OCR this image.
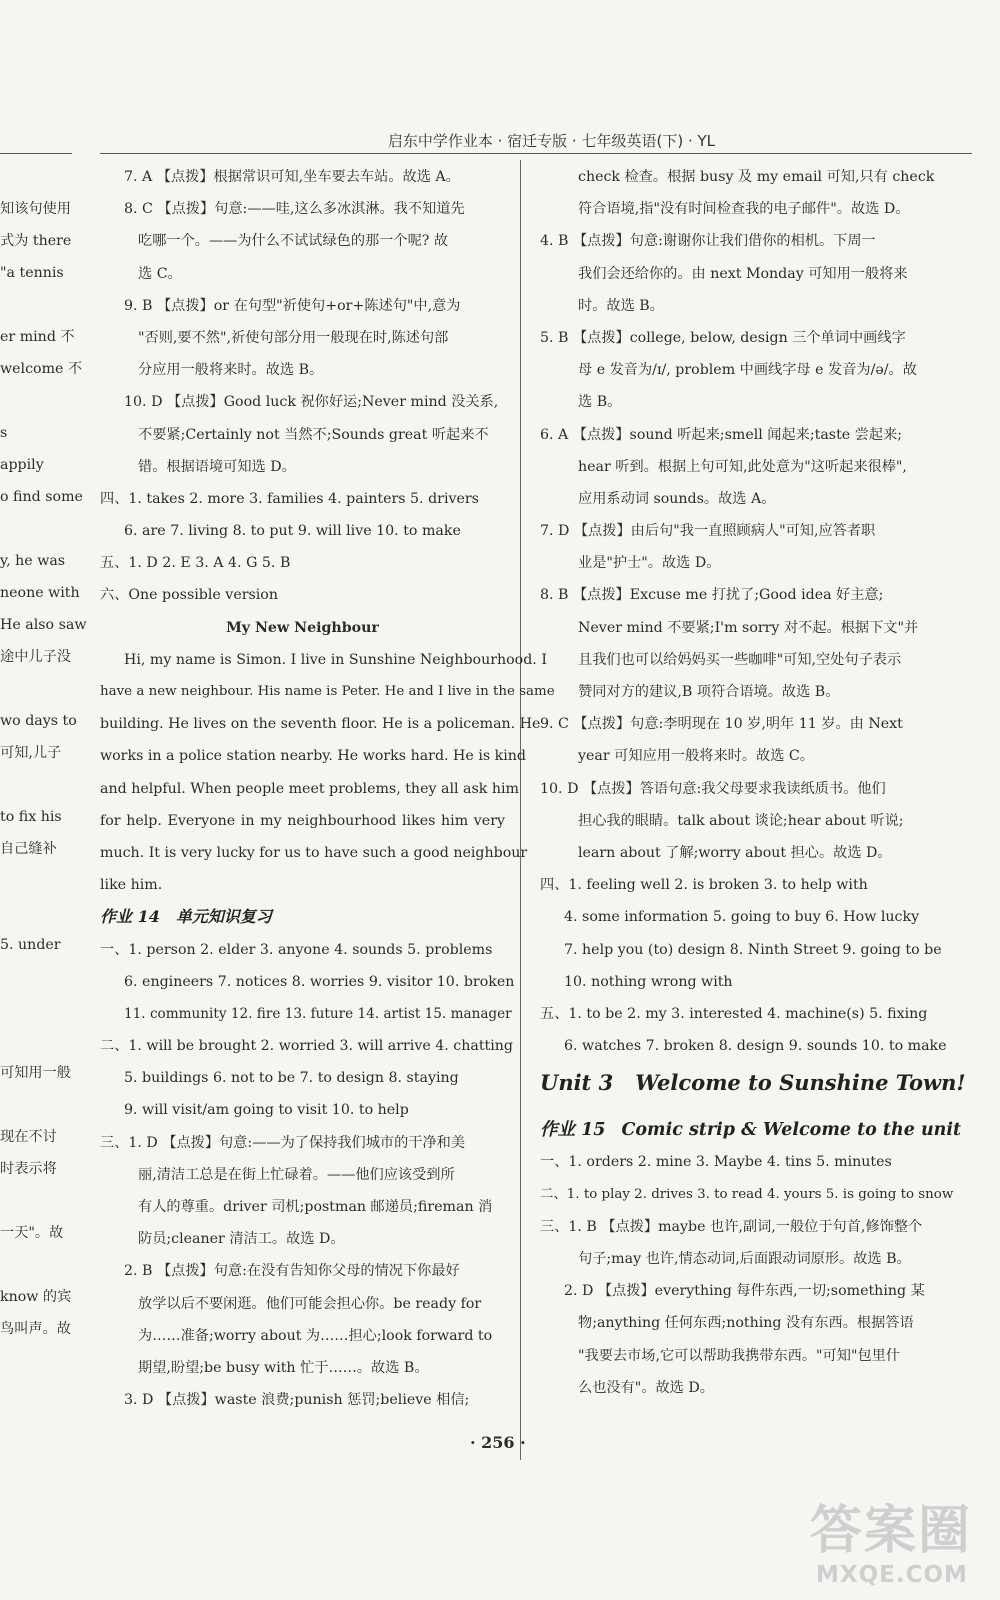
启东中学作业本 · 宿迁专版 · 七年级英语(下) · YL
知该句使用
式为 there
"a tennis
er mind 不
welcome 不
s
appily
o find some
y, he was
neone with
He also saw
途中儿子没
wo days to
可知,儿子
to fix his
自己缝补
5. under
可知用一般
现在不讨
时表示将
一天"。故
know 的宾
鸟叫声。故
7. A 【点拨】根据常识可知,坐车要去车站。故选 A。
8. C 【点拨】句意:——哇,这么多冰淇淋。我不知道先
吃哪一个。——为什么不试试绿色的那一个呢? 故
选 C。
9. B 【点拨】or 在句型"祈使句+or+陈述句"中,意为
"否则,要不然",祈使句部分用一般现在时,陈述句部
分应用一般将来时。故选 B。
10. D 【点拨】Good luck 祝你好运;Never mind 没关系,
不要紧;Certainly not 当然不;Sounds great 听起来不
错。根据语境可知选 D。
四、1. takes 2. more 3. families 4. painters 5. drivers
6. are 7. living 8. to put 9. will live 10. to make
五、1. D 2. E 3. A 4. G 5. B
六、One possible version
My New Neighbour
Hi, my name is Simon. I live in Sunshine Neighbourhood. I
have a new neighbour. His name is Peter. He and I live in the same
building. He lives on the seventh floor. He is a policeman. He
works in a police station nearby. He works hard. He is kind
and helpful. When people meet problems, they all ask him
for help. Everyone in my neighbourhood likes him very
much. It is very lucky for us to have such a good neighbour
like him.
作业 14 单元知识复习
一、1. person 2. elder 3. anyone 4. sounds 5. problems
6. engineers 7. notices 8. worries 9. visitor 10. broken
11. community 12. fire 13. future 14. artist 15. manager
二、1. will be brought 2. worried 3. will arrive 4. chatting
5. buildings 6. not to be 7. to design 8. staying
9. will visit/am going to visit 10. to help
三、1. D 【点拨】句意:——为了保持我们城市的干净和美
丽,清洁工总是在街上忙碌着。——他们应该受到所
有人的尊重。driver 司机;postman 邮递员;fireman 消
防员;cleaner 清洁工。故选 D。
2. B 【点拨】句意:在没有告知你父母的情况下你最好
放学以后不要闲逛。他们可能会担心你。be ready for
为……准备;worry about 为……担心;look forward to
期望,盼望;be busy with 忙于……。故选 B。
3. D 【点拨】waste 浪费;punish 惩罚;believe 相信;
check 检查。根据 busy 及 my email 可知,只有 check
符合语境,指"没有时间检查我的电子邮件"。故选 D。
4. B 【点拨】句意:谢谢你让我们借你的相机。下周一
我们会还给你的。由 next Monday 可知用一般将来
时。故选 B。
5. B 【点拨】college, below, design 三个单词中画线字
母 e 发音为/ɪ/, problem 中画线字母 e 发音为/ə/。故
选 B。
6. A 【点拨】sound 听起来;smell 闻起来;taste 尝起来;
hear 听到。根据上句可知,此处意为"这听起来很棒",
应用系动词 sounds。故选 A。
7. D 【点拨】由后句"我一直照顾病人"可知,应答者职
业是"护士"。故选 D。
8. B 【点拨】Excuse me 打扰了;Good idea 好主意;
Never mind 不要紧;I'm sorry 对不起。根据下文"并
且我们也可以给妈妈买一些咖啡"可知,空处句子表示
赞同对方的建议,B 项符合语境。故选 B。
9. C 【点拨】句意:李明现在 10 岁,明年 11 岁。由 Next
year 可知应用一般将来时。故选 C。
10. D 【点拨】答语句意:我父母要求我读纸质书。他们
担心我的眼睛。talk about 谈论;hear about 听说;
learn about 了解;worry about 担心。故选 D。
四、1. feeling well 2. is broken 3. to help with
4. some information 5. going to buy 6. How lucky
7. help you (to) design 8. Ninth Street 9. going to be
10. nothing wrong with
五、1. to be 2. my 3. interested 4. machine(s) 5. fixing
6. watches 7. broken 8. design 9. sounds 10. to make
Unit 3 Welcome to Sunshine Town!
作业 15 Comic strip & Welcome to the unit
一、1. orders 2. mine 3. Maybe 4. tins 5. minutes
二、1. to play 2. drives 3. to read 4. yours 5. is going to snow
三、1. B 【点拨】maybe 也许,副词,一般位于句首,修饰整个
句子;may 也许,情态动词,后面跟动词原形。故选 B。
2. D 【点拨】everything 每件东西,一切;something 某
物;anything 任何东西;nothing 没有东西。根据答语
"我要去市场,它可以帮助我携带东西。"可知"包里什
么也没有"。故选 D。
· 256 ·
答案圈
MXQE.COM
